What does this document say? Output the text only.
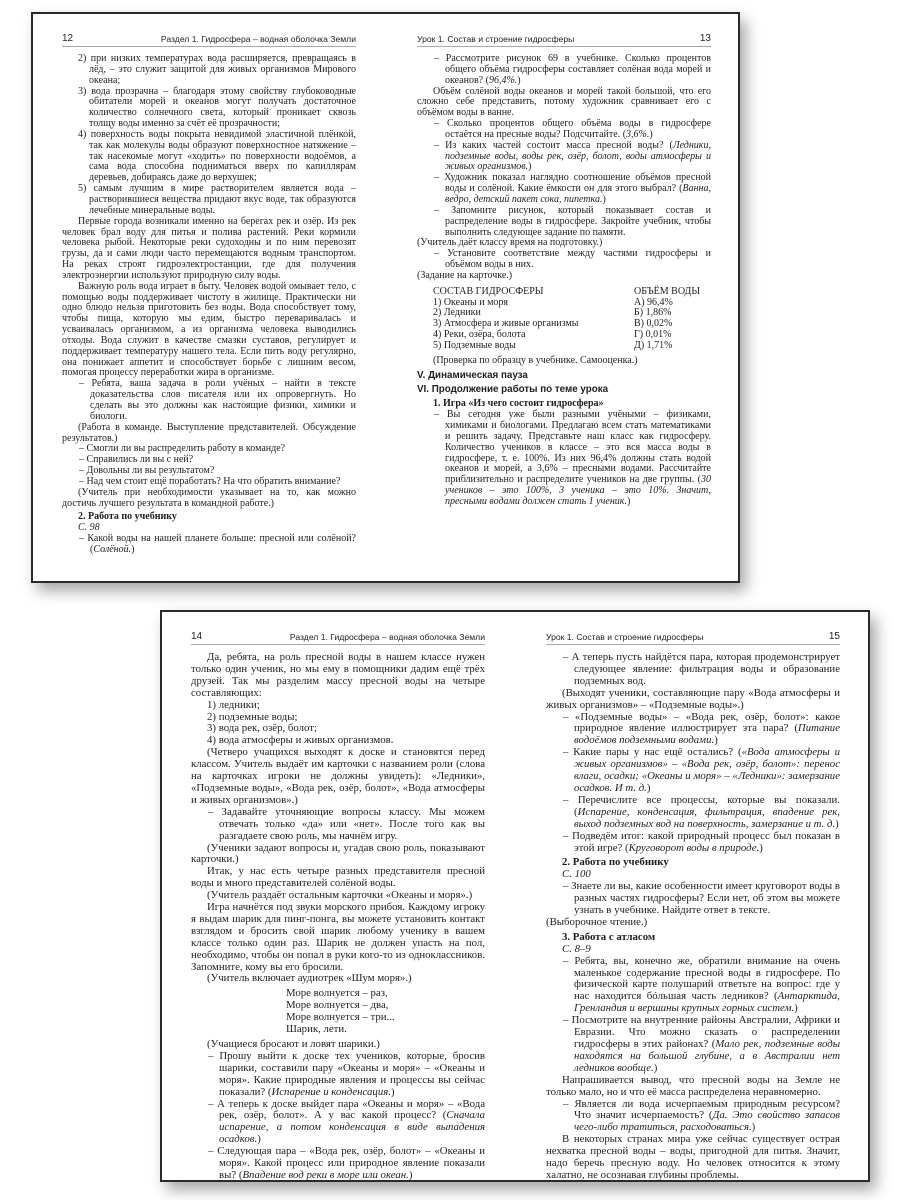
12	Раздел 1. Гидросфера – водная оболочка Земли
2) при низких температурах вода расширяется, превращаясь в лёд, – это служит защитой для живых организмов Мирового океана;
3) вода прозрачна – благодаря этому свойству глубоководные обитатели морей и океанов могут получать достаточное количество солнечного света, который проникает сквозь толщу воды именно за счёт её прозрачности;
4) поверхность воды покрыта невидимой эластичной плёнкой, так как молекулы воды образуют поверхностное натяжение – так насекомые могут «ходить» по поверхности водоёмов, а сама вода способна подниматься вверх по капиллярам деревьев, добираясь даже до верхушек;
5) самым лучшим в мире растворителем является вода – растворившиеся вещества придают вкус воде, так образуются лечебные минеральные воды.
Первые города возникали именно на берегах рек и озёр. Из рек человек брал воду для питья и полива растений. Реки кормили человека рыбой. Некоторые реки судоходны и по ним перевозят грузы, да и сами люди часто перемещаются водным транспортом. На реках строят гидроэлектростанции, где для получения электроэнергии используют природную силу воды.
Важную роль вода играет в быту. Человек водой омывает тело, с помощью воды поддерживает чистоту в жилище. Практически ни одно блюдо нельзя приготовить без воды. Вода способствует тому, чтобы пища, которую мы едим, быстро переваривалась и усваивалась организмом, а из организма человека выводились отходы. Вода служит в качестве смазки суставов, регулирует и поддерживает температуру нашего тела. Если пить воду регулярно, она понижает аппетит и способствует борьбе с лишним весом, помогая процессу переработки жира в организме.
– Ребята, ваша задача в роли учёных – найти в тексте доказательства слов писателя или их опровергнуть. Но сделать вы это должны как настоящие физики, химики и биологи.
(Работа в команде. Выступление представителей. Обсуждение результатов.)
– Смогли ли вы распределить работу в команде?
– Справились ли вы с ней?
– Довольны ли вы результатом?
– Над чем стоит ещё поработать? На что обратить внимание?
(Учитель при необходимости указывает на то, как можно достичь лучшего результата в командной работе.)
2. Работа по учебнику
С. 98
– Какой воды на нашей планете больше: пресной или солёной? (Солёной.)
13
Урок 1. Состав и строение гидросферы
– Рассмотрите рисунок 69 в учебнике. Сколько процентов общего объёма гидросферы составляет солёная вода морей и океанов? (96,4%.)
Объём солёной воды океанов и морей такой большой, что его сложно себе представить, потому художник сравнивает его с объёмом воды в ванне.
– Сколько процентов общего объёма воды в гидросфере остаётся на пресные воды? Подсчитайте. (3,6%.)
– Из каких частей состоит масса пресной воды? (Ледники, подземные воды, воды рек, озёр, болот, воды атмосферы и живых организмов.)
– Художник показал наглядно соотношение объёмов пресной воды и солёной. Какие ёмкости он для этого выбрал? (Ванна, ведро, детский пакет сока, пипетка.)
– Запомните рисунок, который показывает состав и распределение воды в гидросфере. Закройте учебник, чтобы выполнить следующее задание по памяти.
(Учитель даёт классу время на подготовку.)
– Установите соответствие между частями гидросферы и объёмом воды в них.
(Задание на карточке.)
СОСТАВ ГИДРОСФЕРЫ	ОБЪЁМ ВОДЫ
1) Океаны и моря	А) 96,4%
2) Ледники	Б) 1,86%
3) Атмосфера и живые организмы	В) 0,02%
4) Реки, озёра, болота	Г) 0,01%
5) Подземные воды	Д) 1,71%
(Проверка по образцу в учебнике. Самооценка.)
V. Динамическая пауза
VI. Продолжение работы по теме урока
1. Игра «Из чего состоит гидросфера»
– Вы сегодня уже были разными учёными – физиками, химиками и биологами. Предлагаю всем стать математиками и решить задачу. Представьте наш класс как гидросферу. Количество учеников в классе – это вся масса воды в гидросфере, т. е. 100%. Из них 96,4% должны стать водой океанов и морей, а 3,6% – пресными водами. Рассчитайте приблизительно и распределите учеников на две группы. (30 учеников – это 100%, 3 ученика – это 10%. Значит, пресными водами должен стать 1 ученик.)
14	Раздел 1. Гидросфера – водная оболочка Земли
Да, ребята, на роль пресной воды в нашем классе нужен только один ученик, но мы ему в помощники дадим ещё трёх друзей. Так мы разделим массу пресной воды на четыре составляющих:
1) ледники;
2) подземные воды;
3) вода рек, озёр, болот;
4) вода атмосферы и живых организмов.
(Четверо учащихся выходят к доске и становятся перед классом. Учитель выдаёт им карточки с названием роли (слова на карточках игроки не должны увидеть): «Ледники», «Подземные воды», «Вода рек, озёр, болот», «Вода атмосферы и живых организмов».)
– Задавайте уточняющие вопросы классу. Мы можем отвечать только «да» или «нет». После того как вы разгадаете свою роль, мы начнём игру.
(Ученики задают вопросы и, угадав свою роль, показывают карточки.)
Итак, у нас есть четыре разных представителя пресной воды и много представителей солёной воды.
(Учитель раздаёт остальным карточки «Океаны и моря».)
Игра начнётся под звуки морского прибоя. Каждому игроку я выдам шарик для пинг-понга, вы можете установить контакт взглядом и бросить свой шарик любому ученику в вашем классе только один раз. Шарик не должен упасть на пол, необходимо, чтобы он попал в руки кого-то из одноклассников. Запомните, кому вы его бросили.
(Учитель включает аудиотрек «Шум моря».)
Море волнуется – раз,
Море волнуется – два,
Море волнуется – три...
Шарик, лети.
(Учащиеся бросают и ловят шарики.)
– Прошу выйти к доске тех учеников, которые, бросив шарики, составили пару «Океаны и моря» – «Океаны и моря». Какие природные явления и процессы вы сейчас показали? (Испарение и конденсация.)
– А теперь к доске выйдет пара «Океаны и моря» – «Вода рек, озёр, болот». А у вас какой процесс? (Сначала испарение, а потом конденсация в виде выпадения осадков.)
– Следующая пара – «Вода рек, озёр, болот» – «Океаны и моря». Какой процесс или природное явление показали вы? (Впадение вод реки в море или океан.)
15
Урок 1. Состав и строение гидросферы
– А теперь пусть найдётся пара, которая продемонстрирует следующее явление: фильтрация воды и образование подземных вод.
(Выходят ученики, составляющие пару «Вода атмосферы и живых организмов» – «Подземные воды».)
– «Подземные воды» – «Вода рек, озёр, болот»: какое природное явление иллюстрирует эта пара? (Питание водоёмов подземными водами.)
– Какие пары у нас ещё остались? («Вода атмосферы и живых организмов» – «Вода рек, озёр, болот»: перенос влаги, осадки; «Океаны и моря» – «Ледники»: замерзание осадков. И т. д.)
– Перечислите все процессы, которые вы показали. (Испарение, конденсация, фильтрация, впадение рек, выход подземных вод на поверхность, замерзание и т. д.)
– Подведём итог: какой природный процесс был показан в этой игре? (Круговорот воды в природе.)
2. Работа по учебнику
С. 100
– Знаете ли вы, какие особенности имеет круговорот воды в разных частях гидросферы? Если нет, об этом вы можете узнать в учебнике. Найдите ответ в тексте.
(Выборочное чтение.)
3. Работа с атласом
С. 8–9
– Ребята, вы, конечно же, обратили внимание на очень маленькое содержание пресной воды в гидросфере. По физической карте полушарий ответьте на вопрос: где у нас находится бóльшая часть ледников? (Антарктида, Гренландия и вершины крупных горных систем.)
– Посмотрите на внутренние районы Австралии, Африки и Евразии. Что можно сказать о распределении гидросферы в этих районах? (Мало рек, подземные воды находятся на большой глубине, а в Австралии нет ледников вообще.)
Напрашивается вывод, что пресной воды на Земле не только мало, но и что её масса распределена неравномерно.
– Является ли вода исчерпаемым природным ресурсом? Что значит исчерпаемость? (Да. Это свойство запасов чего-либо тратиться, расходоваться.)
В некоторых странах мира уже сейчас существует острая нехватка пресной воды – воды, пригодной для питья. Значит, надо беречь пресную воду. Но человек относится к этому халатно, не осознавая глубины проблемы.
